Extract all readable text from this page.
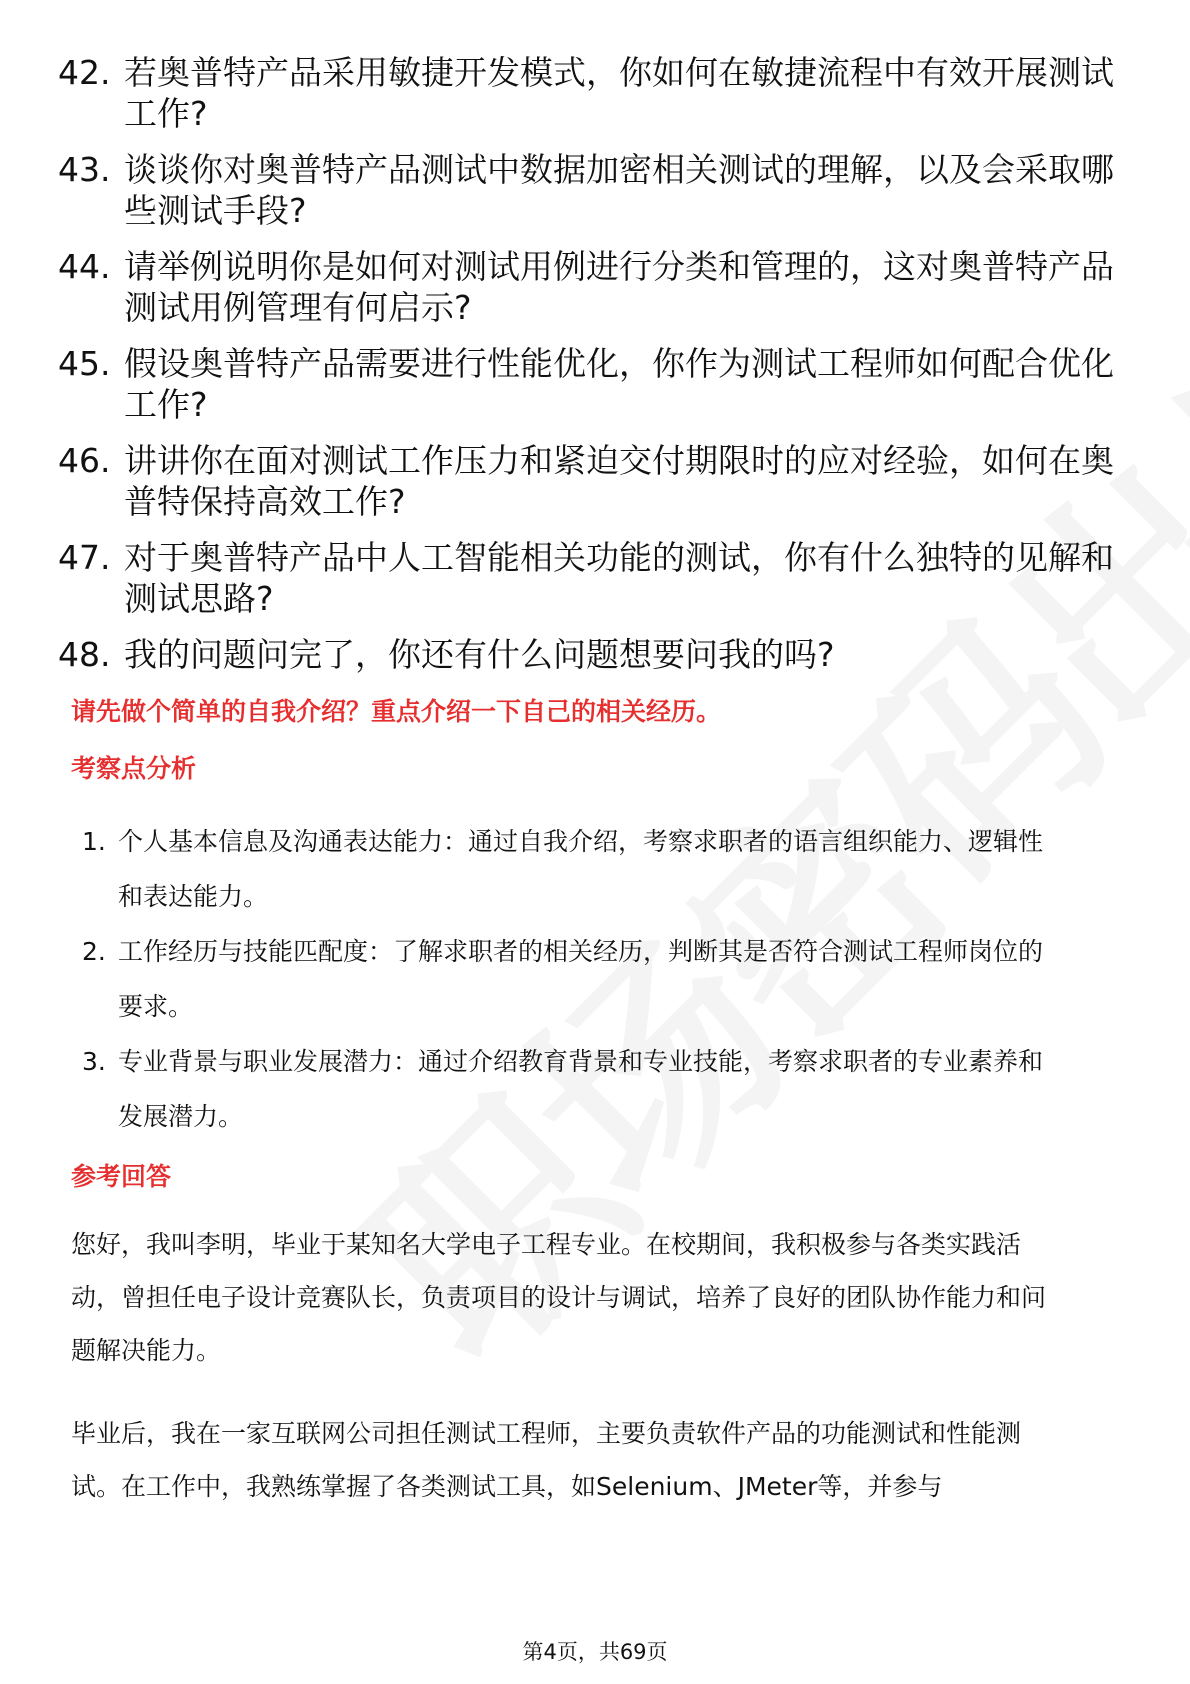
42. 若奥普特产品采用敏捷开发模式，你如何在敏捷流程中有效开展测试工作?
43. 谈谈你对奥普特产品测试中数据加密相关测试的理解，以及会采取哪些测试手段?
44. 请举例说明你是如何对测试用例进行分类和管理的，这对奥普特产品测试用例管理有何启示?
45. 假设奥普特产品需要进行性能优化，你作为测试工程师如何配合优化工作?
46. 讲讲你在面对测试工作压力和紧迫交付期限时的应对经验，如何在奥普特保持高效工作?
47. 对于奥普特产品中人工智能相关功能的测试，你有什么独特的见解和测试思路?
48. 我的问题问完了，你还有什么问题想要问我的吗?
请先做个简单的自我介绍？重点介绍一下自己的相关经历。
考察点分析
1. 个人基本信息及沟通表达能力：通过自我介绍，考察求职者的语言组织能力、逻辑性和表达能力。
2. 工作经历与技能匹配度：了解求职者的相关经历，判断其是否符合测试工程师岗位的要求。
3. 专业背景与职业发展潜力：通过介绍教育背景和专业技能，考察求职者的专业素养和发展潜力。
参考回答
您好，我叫李明，毕业于某知名大学电子工程专业。在校期间，我积极参与各类实践活动，曾担任电子设计竞赛队长，负责项目的设计与调试，培养了良好的团队协作能力和问题解决能力。
毕业后，我在一家互联网公司担任测试工程师，主要负责软件产品的功能测试和性能测试。在工作中，我熟练掌握了各类测试工具，如Selenium、JMeter等，并参与
第4页，共69页
